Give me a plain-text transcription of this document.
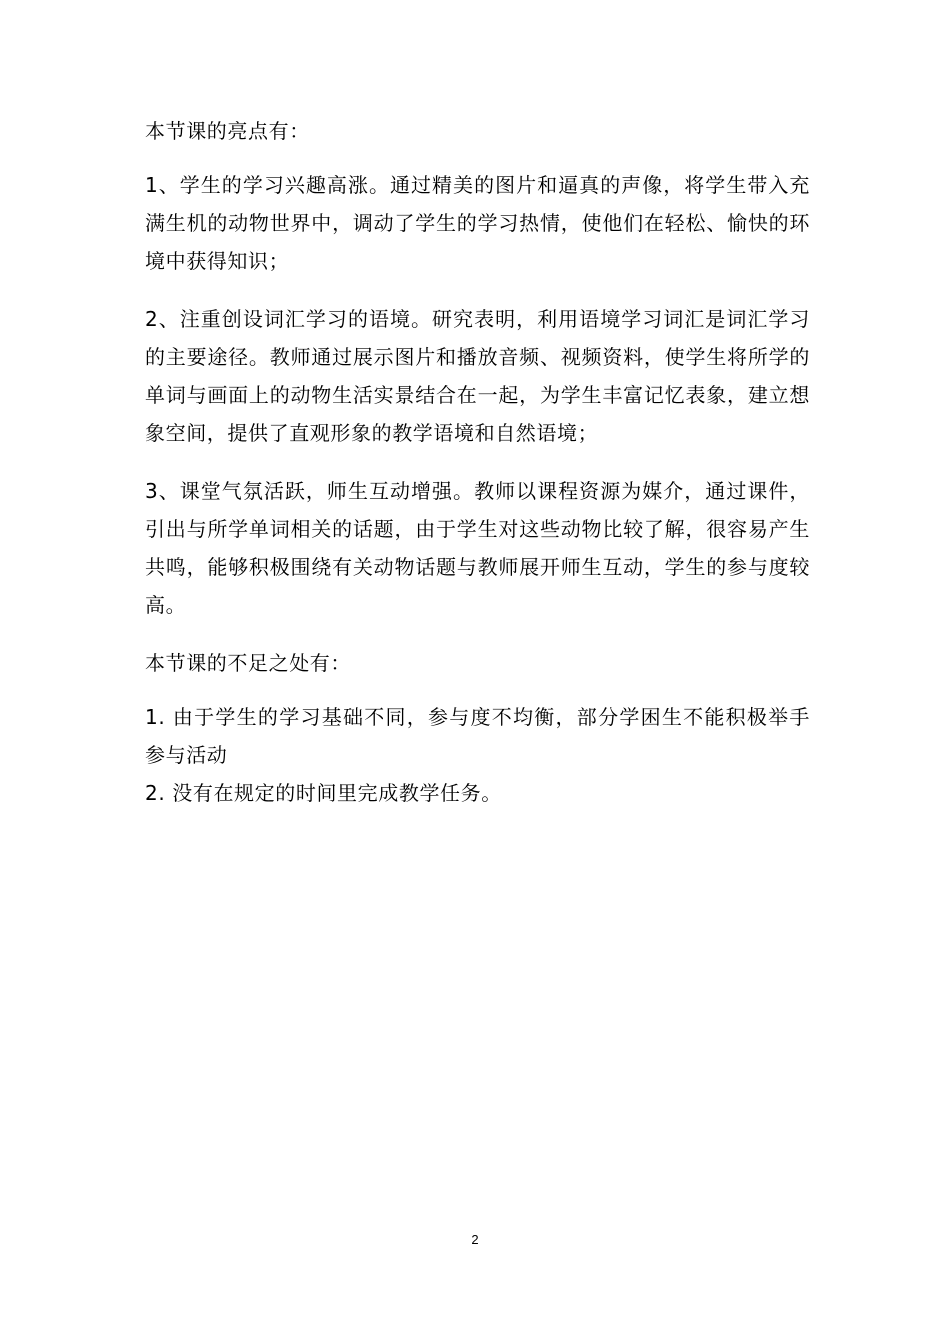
本节课的亮点有：

1、学生的学习兴趣高涨。通过精美的图片和逼真的声像，将学生带入充满生机的动物世界中，调动了学生的学习热情，使他们在轻松、愉快的环境中获得知识；

2、注重创设词汇学习的语境。研究表明，利用语境学习词汇是词汇学习的主要途径。教师通过展示图片和播放音频、视频资料，使学生将所学的单词与画面上的动物生活实景结合在一起，为学生丰富记忆表象，建立想象空间，提供了直观形象的教学语境和自然语境；

3、课堂气氛活跃，师生互动增强。教师以课程资源为媒介，通过课件，引出与所学单词相关的话题，由于学生对这些动物比较了解，很容易产生共鸣，能够积极围绕有关动物话题与教师展开师生互动，学生的参与度较高。

本节课的不足之处有：

1. 由于学生的学习基础不同，参与度不均衡，部分学困生不能积极举手参与活动

2. 没有在规定的时间里完成教学任务。

2
